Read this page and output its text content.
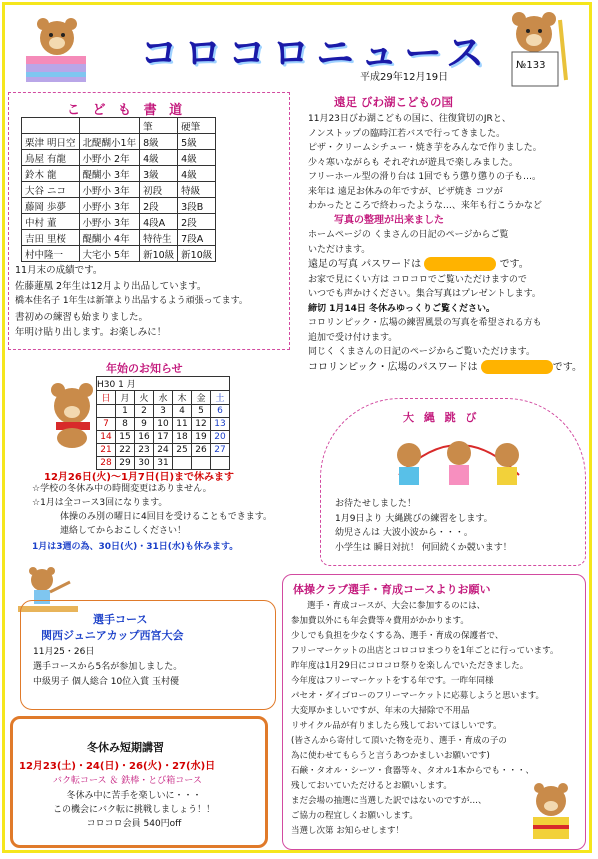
コロコロニュース
平成29年12月19日
№133
こ ど も 書 道
		筆	硬筆
栗津 明日空	北醍醐小1年	8級	5級
鳥屋 有龍	小野小 2年	4級	4級
鈴木 龍	醍醐小 3年	3級	4級
大谷 ニコ	小野小 3年	初段	特級
藤岡 歩夢	小野小 3年	2段	3段B
中村 董	小野小 3年	4段A	2段
吉田 里桜	醍醐小 4年	特待生	7段A
村中隆一	大宅小 5年	新10級	新10級
11月末の成績です。
佐藤蓮凰 2年生は12月より出品しています。
橋本佳名子 1年生は新筆より出品するよう頑張ってます。
書初めの練習も始まりました。
年明け貼り出します。お楽しみに！
遠足 びわ湖こどもの国
11月23日びわ湖こどもの国に、往復貸切のJRと、
ノンストップの臨時江若バスで行ってきました。
ピザ・クリームシチュー・焼き芋をみんなで作りました。
少々寒いながらも それぞれが遊具で楽しみました。
フリーホール型の滑り台は 1回でもう懲り懲りの子も…。
来年は 遠足お休みの年ですが、ピザ焼き コツが
わかったところで終わったような…、来年も行こうかなど
写真の整理が出来ました
ホームページの くまさんの日記のページからご覧
いただけます。
遠足の写真 パスワードは	です。
お家で見にくい方は コロコロでご覧いただけますので
いつでも声かけください。集合写真はプレゼントします。
締切 1月14日 冬休みゆっくりご覧ください。
コロリンピック・広場の練習風景の写真を希望される方も
追加で受け付けます。
同じく くまさんの日記のページからご覧いただけます。
コロリンピック・広場のパスワードは	です。
年始のお知らせ
H30 1 月						
日	月	火	水	木	金	土
	1	2	3	4	5	6
7	8	9	10	11	12	13
14	15	16	17	18	19	20
21	22	23	24	25	26	27
28	29	30	31			
12月26日(火)～1月7日(日)まで休みます
☆学校の冬休み中の時間変更はありません。
☆1月は全コース3回になります。
体操のみ別の曜日に4回目を受けることもできます。
連絡してからおこしください！
1月は3週の為、30日(火)・31日(水)も休みます。
大 縄 跳 び
お待たせしました！
1月9日より 大縄跳びの練習をします。
幼児さんは 大波小波から・・・。
小学生は 瞬日対抗！ 何回続くか競います！
選手コース
関西ジュニアカップ西宮大会
11月25・26日
選手コースから5名が参加しました。
中級男子 個人総合 10位入賞 玉村優
冬休み短期講習
12月23(土)・24(日)・26(火)・27(水)日
バク転コース ＆ 鉄棒・とび箱コース
冬休み中に苦手を楽しいに・・・
この機会にバク転に挑戦しましょう！！
コロコロ会員 540円off
体操クラブ選手・育成コースよりお願い
選手・育成コースが、大会に参加するのには、
参加費以外にも年会費等々費用がかかります。
少しでも負担を少なくする為、選手・育成の保護者で、
フリーマーケットの出店とコロコロまつりを1年ごとに行っています。
昨年度は1月29日にコロコロ祭りを楽しんでいただきました。
今年度はフリーマーケットをする年です。一昨年同様
パセオ・ダイゴローのフリーマーケットに応募しようと思います。
大変厚かましいですが、年末の大掃除で不用品
リサイクル品が有りましたら残しておいてほしいです。
(皆さんから寄付して頂いた物を売り、選手・育成の子の
為に使わせてもらうと言うあつかましいお願いです)
石鹸・タオル・シーツ・食器等々、タオル1本からでも・・・、
残しておいていただけるとお願いします。
まだ会場の抽選に当選した訳ではないのですが…、
ご協力の程宜しくお願いします。
当選し次第 お知らせします！
